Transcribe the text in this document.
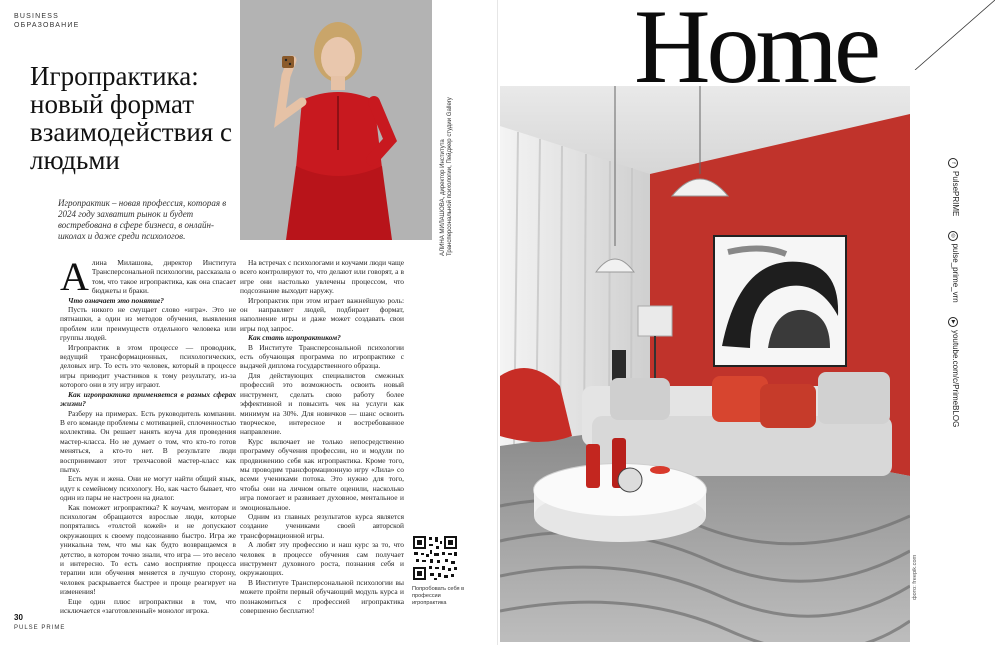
BUSINESS
ОБРАЗОВАНИЕ
Игропрактика: новый формат взаимодействия с людьми
Игропрактик – новая профессия, которая в 2024 году захватит рынок и будет востребована в сфере бизнеса, в онлайн-школах и даже среди психологов.	АЛИНА МИЛАШОВА, директор Института Трансперсональной психологии, Пейджер студии Gallery

Алина Милашова, директор Института Трансперсональной психологии, рассказала о том, что такое игропрактика, как она спасает бюджеты и браки.

Что означает это понятие?

Пусть никого не смущает слово «игра». Это не пятнашки, а один из методов обучения, выявления проблем или преимуществ отдельного человека или группы людей.

Игропрактик в этом процессе — проводник, ведущий трансформационных, психологических, деловых игр. То есть это человек, который в процессе игры приводит участников к тому результату, из-за которого они в эту игру играют.

Как игропрактика применяется в разных сферах жизни?

Разберу на примерах. Есть руководитель компании. В его команде проблемы с мотивацией, сплоченностью коллектива. Он решает нанять коуча для проведения мастер-класса. Но не думает о том, что кто-то готов меняться, а кто-то нет. В результате люди воспринимают этот трехчасовой мастер-класс как пытку.

Есть муж и жена. Они не могут найти общий язык, идут к семейному психологу. Но, как часто бывает, что один из пары не настроен на диалог.

Как поможет игропрактика? К коучам, менторам и психологам обращаются взрослые люди, которые попрятались «толстой кожей» и не допускают окружающих к своему подсознанию быстро. Игра же уникальна тем, что мы как будто возвращаемся в детство, в котором точно знали, что игра — это весело и интересно. То есть само восприятие процесса терапии или обучения меняется в лучшую сторону, человек раскрывается быстрее и проще реагирует на изменения!

Еще один плюс игропрактики в том, что исключается «заготовленный» монолог игрока.

На встречах с психологами и коучами люди чаще всего контролируют то, что делают или говорят, а в игре они настолько увлечены процессом, что подсознание выходит наружу.

Игропрактик при этом играет важнейшую роль: он направляет людей, подбирает формат, наполнение игры и даже может создавать свои игры под запрос.

Как стать игропрактиком?

В Институте Трансперсональной психологии есть обучающая программа по игропрактике с выдачей диплома государственного образца.

Для действующих специалистов смежных профессий это возможность освоить новый инструмент, сделать свою работу более эффективной и повысить чек на услуги как минимум на 30%. Для новичков — шанс освоить творческое, интересное и востребованное направление.

Курс включает не только непосредственно программу обучения профессии, но и модули по продвижению себя как игропрактика. Кроме того, мы проводим трансформационную игру «Лила» со всеми учениками потока. Это нужно для того, чтобы они на личном опыте оценили, насколько игра помогает и развивает духовное, ментальное и эмоциональное.

Одним из главных результатов курса является создание учениками своей авторской трансформационной игры.

А любят эту профессию и наш курс за то, что человек в процессе обучения сам получает инструмент духовного роста, познания себя и окружающих.

В Институте Трансперсональной психологии вы можете пройти первый обучающий модуль курса и познакомиться с профессией игропрактика совершенно бесплатно!

Попробовать себя в профессии игропрактика
30
PULSE PRIME
Home
фото: freepik.com
fPulsePRIME ◎pulse_prime_vrn ▶youtube.com/c/PrimeBLOG
